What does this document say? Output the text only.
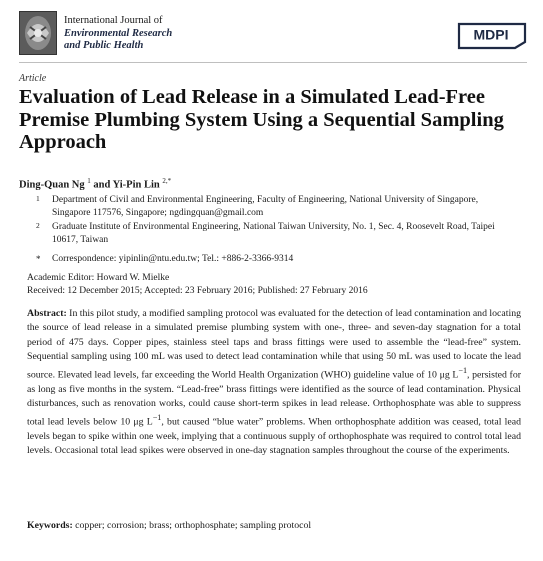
International Journal of
Environmental Research
and Public Health
MDPI
Article
Evaluation of Lead Release in a Simulated Lead-Free Premise Plumbing System Using a Sequential Sampling Approach
Ding-Quan Ng $^1$ and Yi-Pin Lin $^{2,*}$
1 Department of Civil and Environmental Engineering, Faculty of Engineering, National University of Singapore, Singapore 117576, Singapore; ngdingquan@gmail.com
2 Graduate Institute of Environmental Engineering, National Taiwan University, No. 1, Sec. 4, Roosevelt Road, Taipei 10617, Taiwan
* Correspondence: yipinlin@ntu.edu.tw; Tel.: +886-2-3366-9314
Academic Editor: Howard W. Mielke
Received: 12 December 2015; Accepted: 23 February 2016; Published: 27 February 2016
Abstract: In this pilot study, a modified sampling protocol was evaluated for the detection of lead contamination and locating the source of lead release in a simulated premise plumbing system with one-, three- and seven-day stagnation for a total period of 475 days. Copper pipes, stainless steel taps and brass fittings were used to assemble the “lead-free” system. Sequential sampling using 100 mL was used to detect lead contamination while that using 50 mL was used to locate the lead source. Elevated lead levels, far exceeding the World Health Organization (WHO) guideline value of 10 μg $L^{-1}$, persisted for as long as five months in the system. “Lead-free” brass fittings were identified as the source of lead contamination. Physical disturbances, such as renovation works, could cause short-term spikes in lead release. Orthophosphate was able to suppress total lead levels below 10 μg $L^{-1}$, but caused “blue water” problems. When orthophosphate addition was ceased, total lead levels began to spike within one week, implying that a continuous supply of orthophosphate was required to control total lead levels. Occasional total lead spikes were observed in one-day stagnation samples throughout the course of the experiments.
Keywords: copper; corrosion; brass; orthophosphate; sampling protocol
